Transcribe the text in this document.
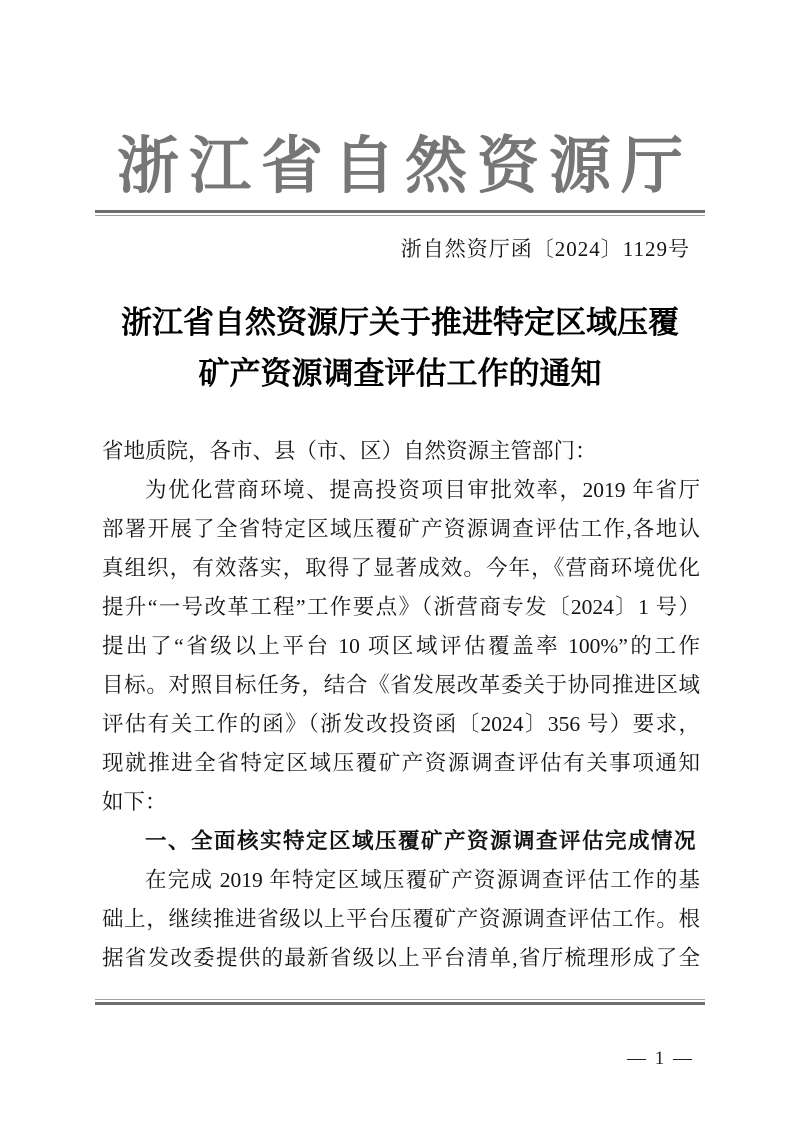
浙江省自然资源厅
浙自然资厅函〔2024〕1129号
浙江省自然资源厅关于推进特定区域压覆
矿产资源调查评估工作的通知
省地质院，各市、县（市、区）自然资源主管部门：
为优化营商环境、提高投资项目审批效率，2019 年省厅
部署开展了全省特定区域压覆矿产资源调查评估工作,各地认
真组织，有效落实，取得了显著成效。今年，《营商环境优化
提升“一号改革工程”工作要点》（浙营商专发〔2024〕1 号）
提出了“省级以上平台 10 项区域评估覆盖率 100%”的工作
目标。对照目标任务，结合《省发展改革委关于协同推进区域
评估有关工作的函》（浙发改投资函〔2024〕356 号）要求，
现就推进全省特定区域压覆矿产资源调查评估有关事项通知
如下：
一、全面核实特定区域压覆矿产资源调查评估完成情况
在完成 2019 年特定区域压覆矿产资源调查评估工作的基
础上，继续推进省级以上平台压覆矿产资源调查评估工作。根
据省发改委提供的最新省级以上平台清单,省厅梳理形成了全
— 1 —
